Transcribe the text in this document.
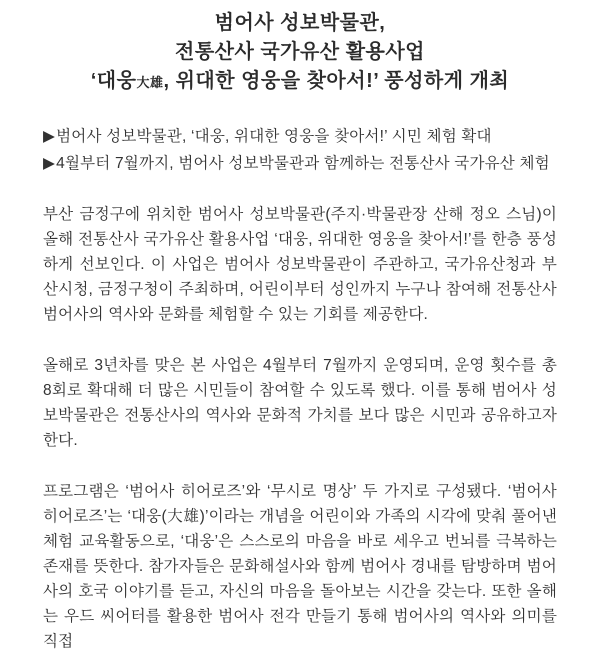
범어사 성보박물관,
전통산사 국가유산 활용사업
‘대웅大雄, 위대한 영웅을 찾아서!’ 풍성하게 개최
▶범어사 성보박물관, ‘대웅, 위대한 영웅을 찾아서!’ 시민 체험 확대
▶4월부터 7월까지, 범어사 성보박물관과 함께하는 전통산사 국가유산 체험

부산 금정구에 위치한 범어사 성보박물관(주지·박물관장 산해 정오 스님)이 올해 전통산사 국가유산 활용사업 ‘대웅, 위대한 영웅을 찾아서!’를 한층 풍성하게 선보인다. 이 사업은 범어사 성보박물관이 주관하고, 국가유산청과 부산시청, 금정구청이 주최하며, 어린이부터 성인까지 누구나 참여해 전통산사 범어사의 역사와 문화를 체험할 수 있는 기회를 제공한다.

올해로 3년차를 맞은 본 사업은 4월부터 7월까지 운영되며, 운영 횟수를 총 8회로 확대해 더 많은 시민들이 참여할 수 있도록 했다. 이를 통해 범어사 성보박물관은 전통산사의 역사와 문화적 가치를 보다 많은 시민과 공유하고자 한다.

프로그램은 ‘범어사 히어로즈’와 ‘무시로 명상’ 두 가지로 구성됐다. ‘범어사 히어로즈’는 ‘대웅(大雄)’이라는 개념을 어린이와 가족의 시각에 맞춰 풀어낸 체험 교육활동으로, ‘대웅’은 스스로의 마음을 바로 세우고 번뇌를 극복하는 존재를 뜻한다. 참가자들은 문화해설사와 함께 범어사 경내를 탐방하며 범어사의 호국 이야기를 듣고, 자신의 마음을 돌아보는 시간을 갖는다. 또한 올해는 우드 씨어터를 활용한 범어사 전각 만들기 통해 범어사의 역사와 의미를 직접
